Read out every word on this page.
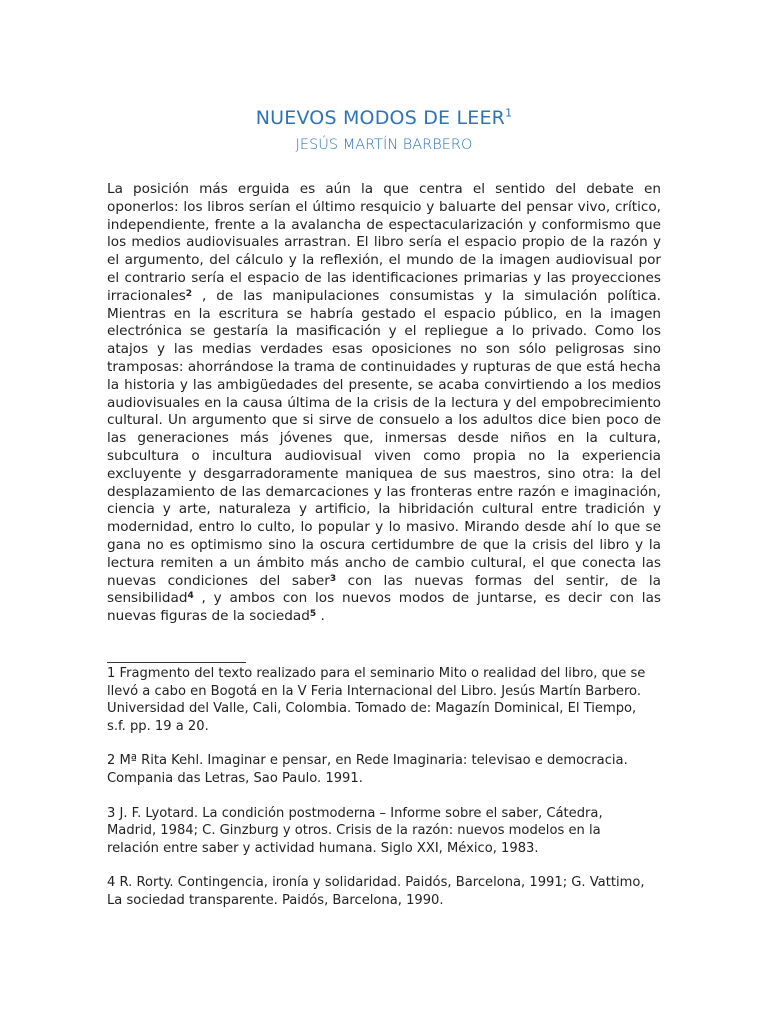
NUEVOS MODOS DE LEER$^1$
JESÚS MARTÍN BARBERO

La posición más erguida es aún la que centra el sentido del debate en oponerlos: los libros serían el último resquicio y baluarte del pensar vivo, crítico, independiente, frente a la avalancha de espectacularización y conformismo que los medios audiovisuales arrastran. El libro sería el espacio propio de la razón y el argumento, del cálculo y la reflexión, el mundo de la imagen audiovisual por el contrario sería el espacio de las identificaciones primarias y las proyecciones irracionales$^2$ , de las manipulaciones consumistas y la simulación política. Mientras en la escritura se habría gestado el espacio público, en la imagen electrónica se gestaría la masificación y el repliegue a lo privado. Como los atajos y las medias verdades esas oposiciones no son sólo peligrosas sino tramposas: ahorrándose la trama de continuidades y rupturas de que está hecha la historia y las ambigüedades del presente, se acaba convirtiendo a los medios audiovisuales en la causa última de la crisis de la lectura y del empobrecimiento cultural. Un argumento que si sirve de consuelo a los adultos dice bien poco de las generaciones más jóvenes que, inmersas desde niños en la cultura, subcultura o incultura audiovisual viven como propia no la experiencia excluyente y desgarradoramente maniquea de sus maestros, sino otra: la del desplazamiento de las demarcaciones y las fronteras entre razón e imaginación, ciencia y arte, naturaleza y artificio, la hibridación cultural entre tradición y modernidad, entro lo culto, lo popular y lo masivo. Mirando desde ahí lo que se gana no es optimismo sino la oscura certidumbre de que la crisis del libro y la lectura remiten a un ámbito más ancho de cambio cultural, el que conecta las nuevas condiciones del saber$^3$ con las nuevas formas del sentir, de la sensibilidad$^4$ , y ambos con los nuevos modos de juntarse, es decir con las nuevas figuras de la sociedad$^5$ .

1 Fragmento del texto realizado para el seminario Mito o realidad del libro, que se llevó a cabo en Bogotá en la V Feria Internacional del Libro. Jesús Martín Barbero. Universidad del Valle, Cali, Colombia. Tomado de: Magazín Dominical, El Tiempo, s.f. pp. 19 a 20.

2 Mª Rita Kehl. Imaginar e pensar, en Rede Imaginaria: televisao e democracia. Compania das Letras, Sao Paulo. 1991.

3 J. F. Lyotard. La condición postmoderna – Informe sobre el saber, Cátedra, Madrid, 1984; C. Ginzburg y otros. Crisis de la razón: nuevos modelos en la relación entre saber y actividad humana. Siglo XXI, México, 1983.

4 R. Rorty. Contingencia, ironía y solidaridad. Paidós, Barcelona, 1991; G. Vattimo, La sociedad transparente. Paidós, Barcelona, 1990.
